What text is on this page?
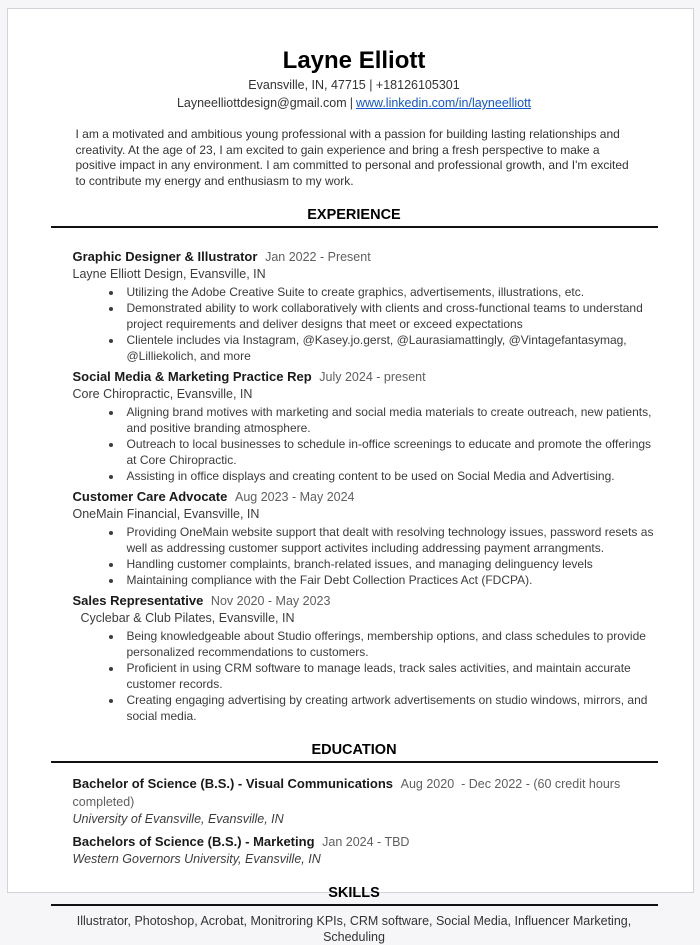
Layne Elliott
Evansville, IN, 47715 | +18126105301
Layneelliottdesign@gmail.com | www.linkedin.com/in/layneelliott

I am a motivated and ambitious young professional with a passion for building lasting relationships and creativity. At the age of 23, I am excited to gain experience and bring a fresh perspective to make a positive impact in any environment. I am committed to personal and professional growth, and I'm excited to contribute my energy and enthusiasm to my work.

EXPERIENCE
Graphic Designer & Illustrator Jan 2022 - Present
Layne Elliott Design, Evansville, IN
• Utilizing the Adobe Creative Suite to create graphics, advertisements, illustrations, etc.
• Demonstrated ability to work collaboratively with clients and cross-functional teams to understand project requirements and deliver designs that meet or exceed expectations
• Clientele includes via Instagram, @Kasey.jo.gerst, @Laurasiamattingly, @Vintagefantasymag, @Lilliekolich, and more
Social Media & Marketing Practice Rep July 2024 - present
Core Chiropractic, Evansville, IN
• Aligning brand motives with marketing and social media materials to create outreach, new patients, and positive branding atmosphere.
• Outreach to local businesses to schedule in-office screenings to educate and promote the offerings at Core Chiropractic.
• Assisting in office displays and creating content to be used on Social Media and Advertising.
Customer Care Advocate Aug 2023 - May 2024
OneMain Financial, Evansville, IN
• Providing OneMain website support that dealt with resolving technology issues, password resets as well as addressing customer support activites including addressing payment arrangments.
• Handling customer complaints, branch-related issues, and managing delinguency levels
• Maintaining compliance with the Fair Debt Collection Practices Act (FDCPA).
Sales Representative Nov 2020 - May 2023
Cyclebar & Club Pilates, Evansville, IN
• Being knowledgeable about Studio offerings, membership options, and class schedules to provide personalized recommendations to customers.
• Proficient in using CRM software to manage leads, track sales activities, and maintain accurate customer records.
• Creating engaging advertising by creating artwork advertisements on studio windows, mirrors, and social media.
EDUCATION
Bachelor of Science (B.S.) - Visual Communications Aug 2020  - Dec 2022 - (60 credit hours completed)
University of Evansville, Evansville, IN
Bachelors of Science (B.S.) - Marketing Jan 2024 - TBD
Western Governors University, Evansville, IN
SKILLS
Illustrator, Photoshop, Acrobat, Monitroring KPIs, CRM software, Social Media, Influencer Marketing, Scheduling
